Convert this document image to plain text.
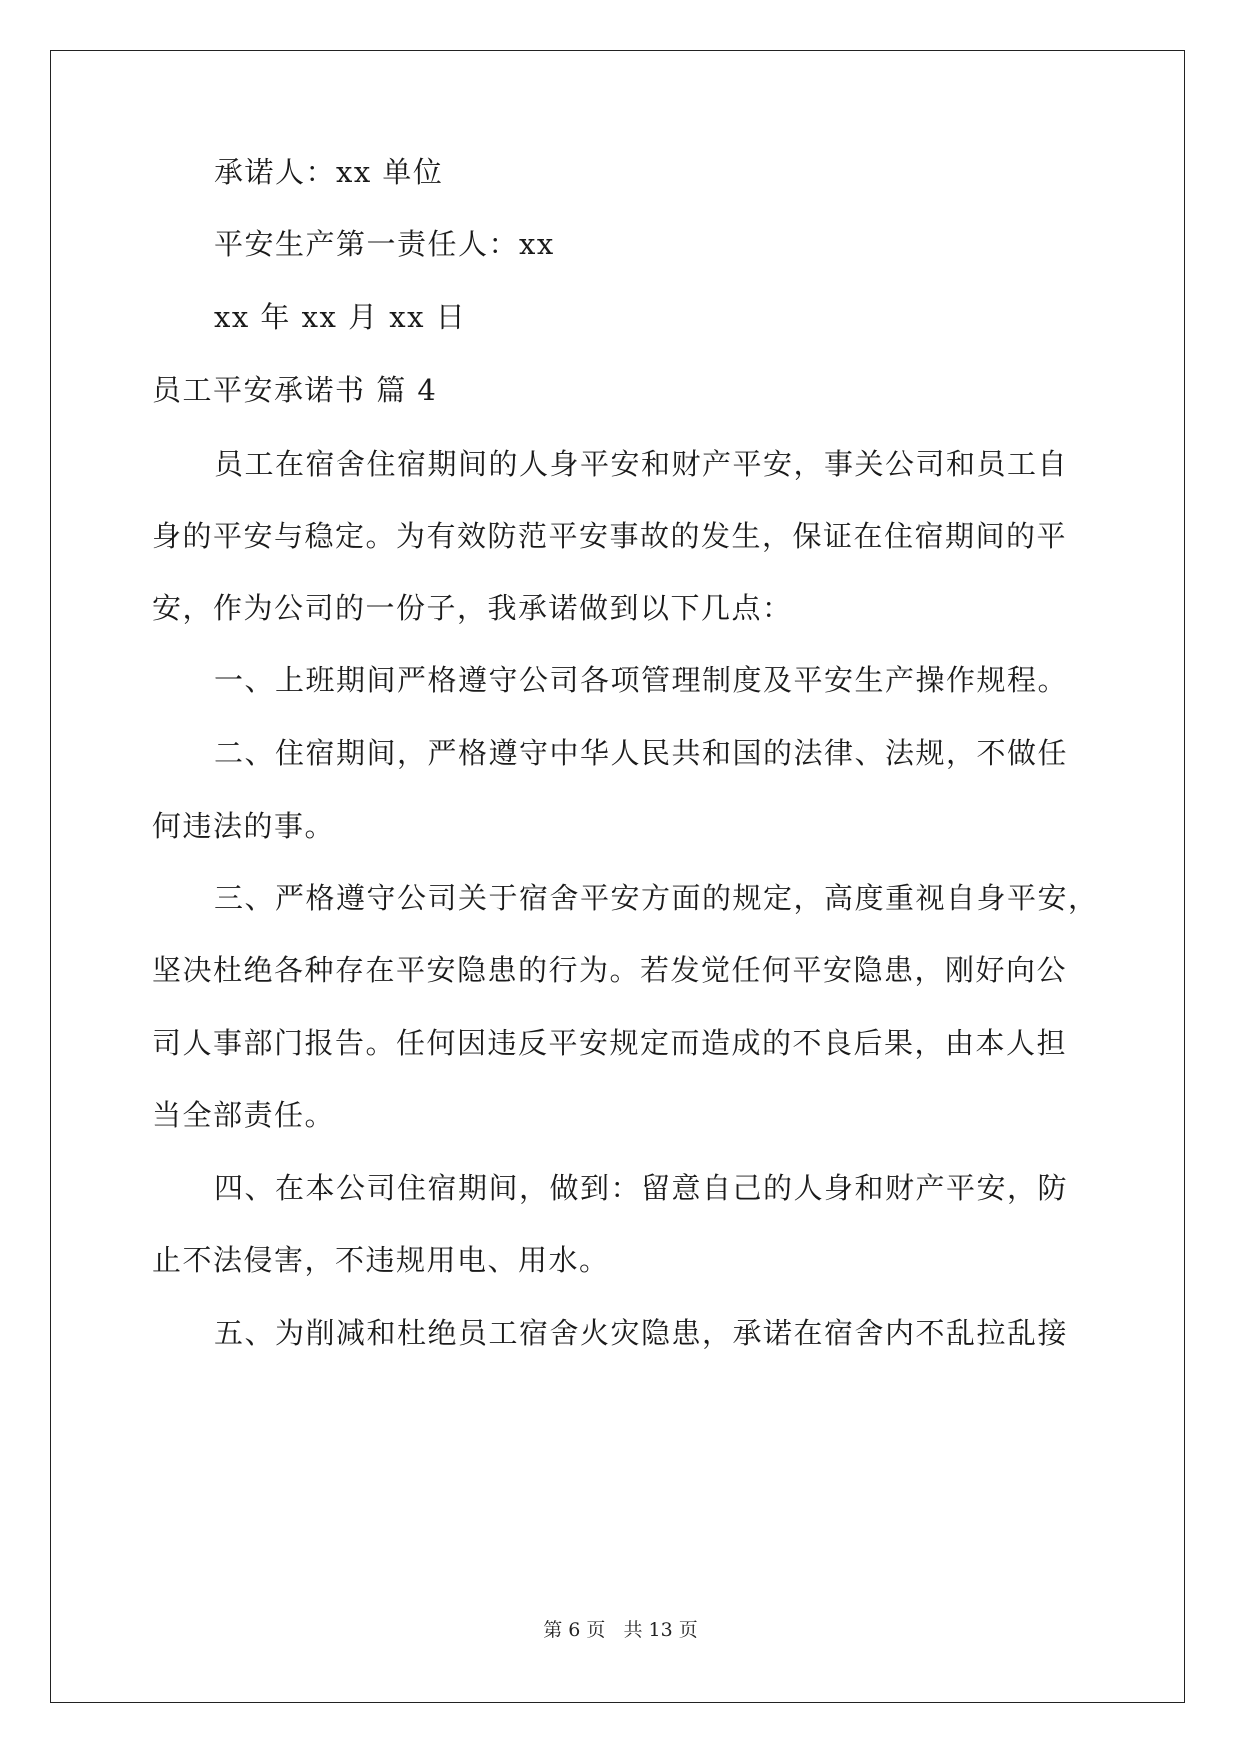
承诺人：xx 单位
平安生产第一责任人：xx
xx 年 xx 月 xx 日
员工平安承诺书 篇 4
员工在宿舍住宿期间的人身平安和财产平安，事关公司和员工自
身的平安与稳定。为有效防范平安事故的发生，保证在住宿期间的平
安，作为公司的一份子，我承诺做到以下几点：
一、上班期间严格遵守公司各项管理制度及平安生产操作规程。
二、住宿期间，严格遵守中华人民共和国的法律、法规，不做任
何违法的事。
三、严格遵守公司关于宿舍平安方面的规定，高度重视自身平安，
坚决杜绝各种存在平安隐患的行为。若发觉任何平安隐患，刚好向公
司人事部门报告。任何因违反平安规定而造成的不良后果，由本人担
当全部责任。
四、在本公司住宿期间，做到：留意自己的人身和财产平安，防
止不法侵害，不违规用电、用水。
五、为削减和杜绝员工宿舍火灾隐患，承诺在宿舍内不乱拉乱接
第 6 页 共 13 页
